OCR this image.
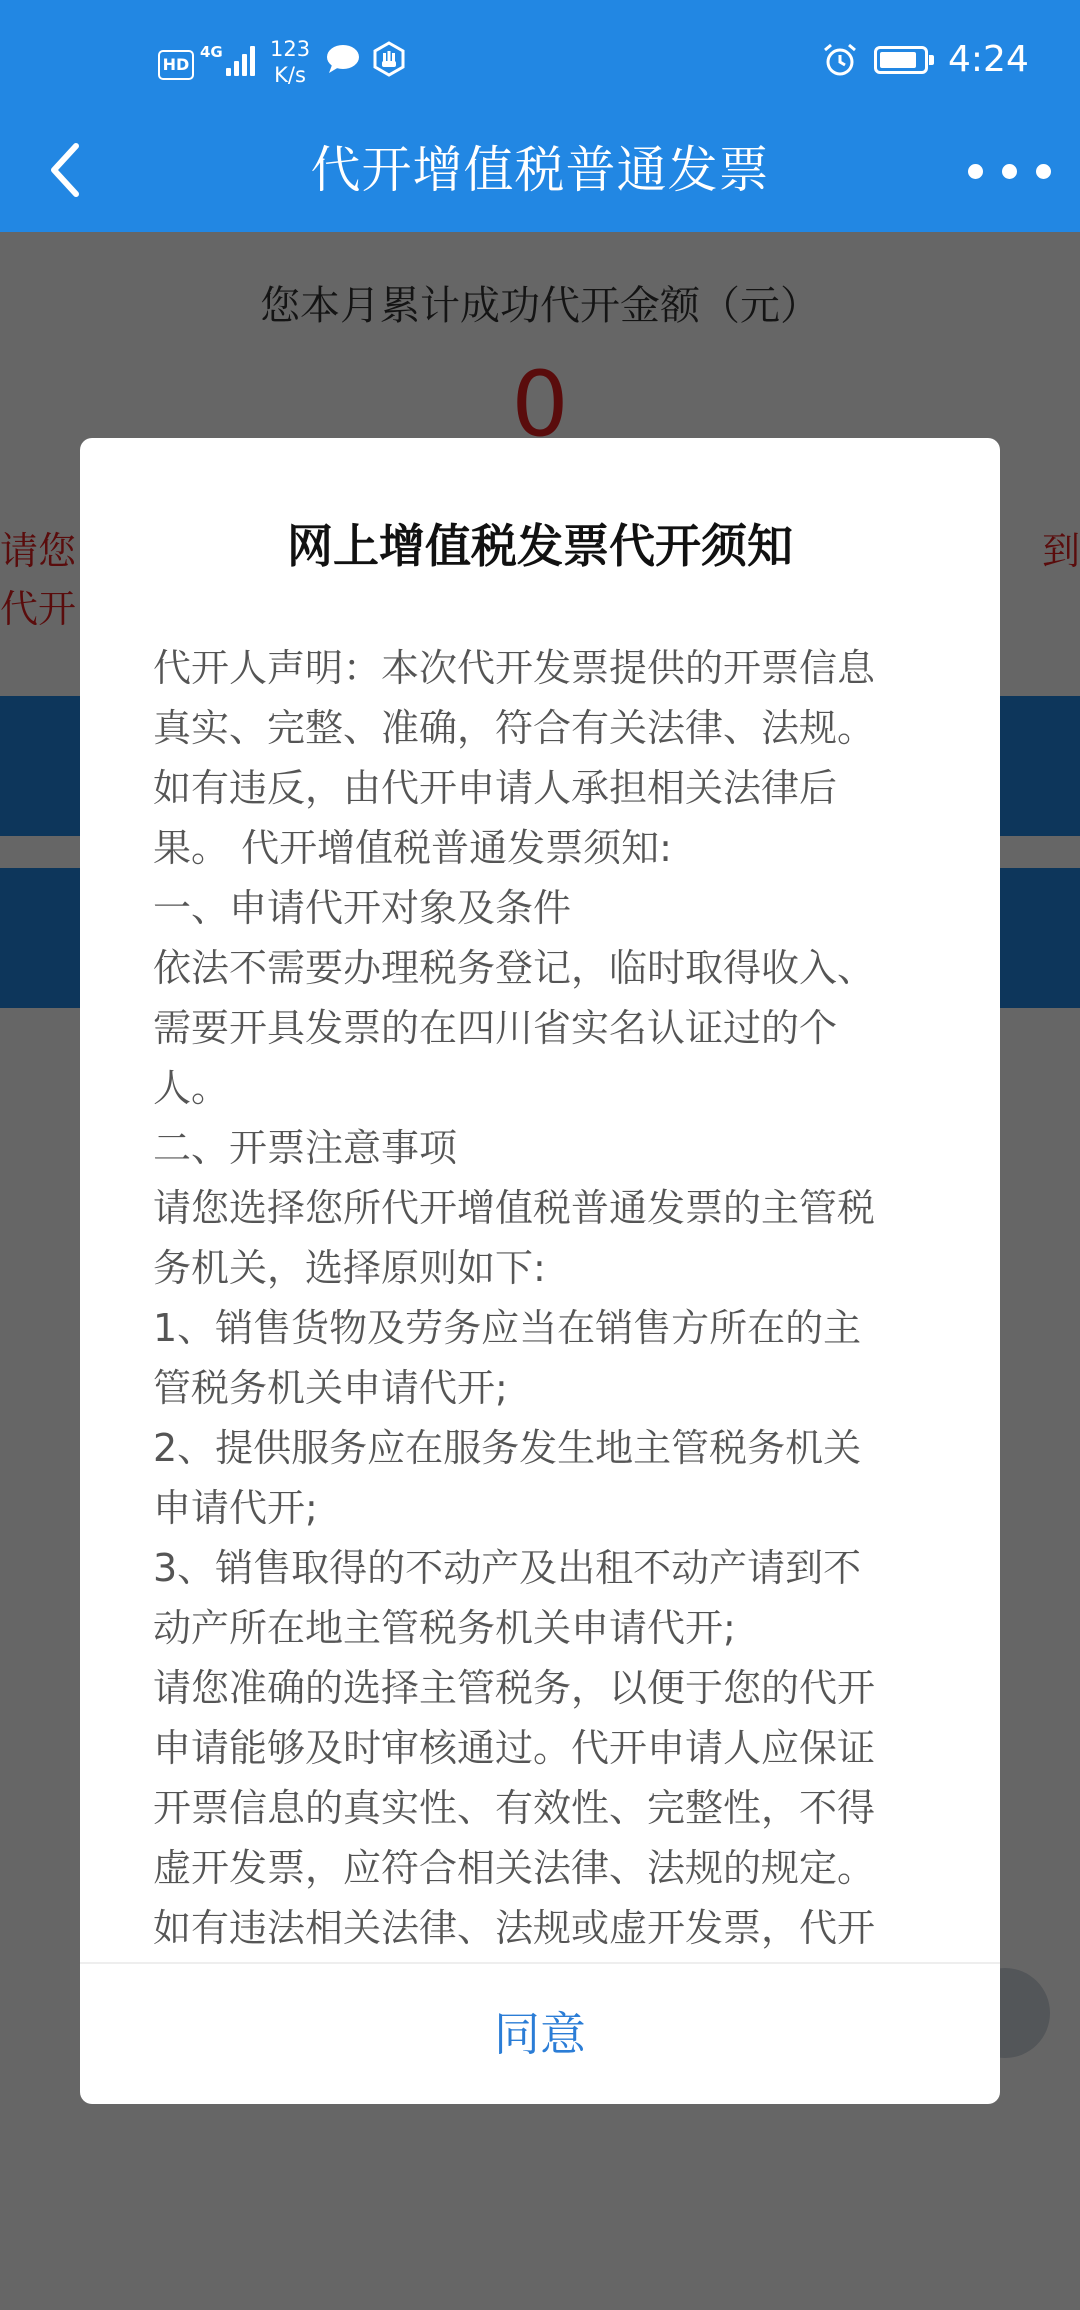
HD
4G 123
K/s	4:24
代开增值税普通发票
网上增值税发票代开须知

代开人声明：本次代开发票提供的开票信息
真实、完整、准确，符合有关法律、法规。
如有违反，由代开申请人承担相关法律后
果。 代开增值税普通发票须知:

一、申请代开对象及条件

依法不需要办理税务登记，临时取得收入、
需要开具发票的在四川省实名认证过的个
人。

二、开票注意事项

请您选择您所代开增值税普通发票的主管税
务机关，选择原则如下:

1、销售货物及劳务应当在销售方所在的主
管税务机关申请代开;

2、提供服务应在服务发生地主管税务机关
申请代开;

3、销售取得的不动产及出租不动产请到不
动产所在地主管税务机关申请代开;

请您准确的选择主管税务，以便于您的代开
申请能够及时审核通过。代开申请人应保证
开票信息的真实性、有效性、完整性，不得
虚开发票，应符合相关法律、法规的规定。
如有违法相关法律、法规或虚开发票，代开

同意
